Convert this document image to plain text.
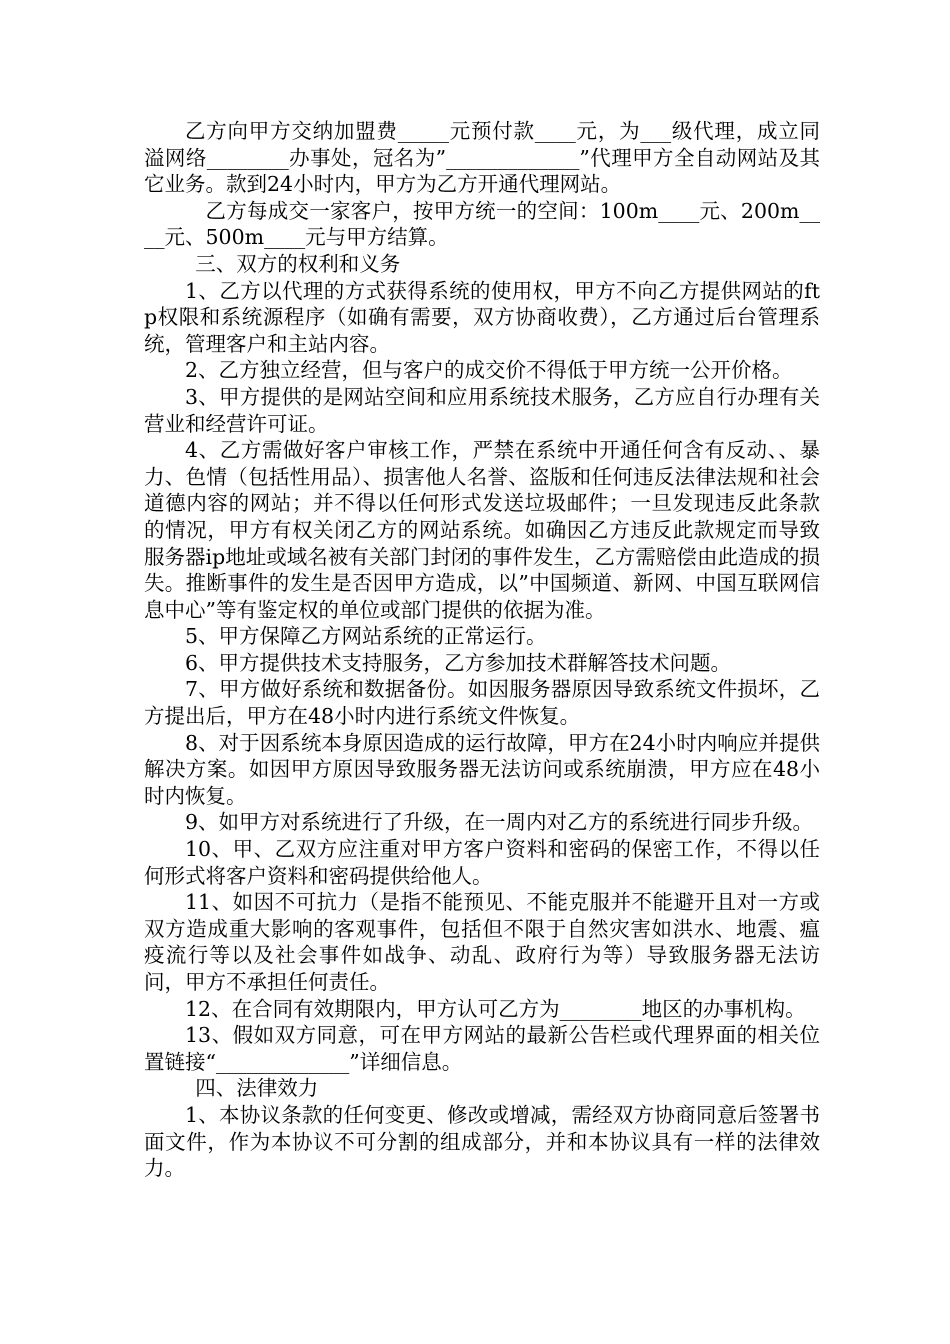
乙方向甲方交纳加盟费_____元预付款____元，为___级代理，成立同溢网络________办事处，冠名为”_____________”代理甲方全自动网站及其它业务。款到24小时内，甲方为乙方开通代理网站。

乙方每成交一家客户，按甲方统一的空间：100m____元、200m____元、500m____元与甲方结算。

三、双方的权利和义务

1、乙方以代理的方式获得系统的使用权，甲方不向乙方提供网站的ftp权限和系统源程序（如确有需要，双方协商收费），乙方通过后台管理系统，管理客户和主站内容。

2、乙方独立经营，但与客户的成交价不得低于甲方统一公开价格。

3、甲方提供的是网站空间和应用系统技术服务，乙方应自行办理有关营业和经营许可证。

4、乙方需做好客户审核工作，严禁在系统中开通任何含有反动、、暴力、色情（包括性用品）、损害他人名誉、盗版和任何违反法律法规和社会道德内容的网站；并不得以任何形式发送垃圾邮件；一旦发现违反此条款的情况，甲方有权关闭乙方的网站系统。如确因乙方违反此款规定而导致服务器ip地址或域名被有关部门封闭的事件发生，乙方需赔偿由此造成的损失。推断事件的发生是否因甲方造成，以”中国频道、新网、中国互联网信息中心”等有鉴定权的单位或部门提供的依据为准。

5、甲方保障乙方网站系统的正常运行。

6、甲方提供技术支持服务，乙方参加技术群解答技术问题。

7、甲方做好系统和数据备份。如因服务器原因导致系统文件损坏，乙方提出后，甲方在48小时内进行系统文件恢复。

8、对于因系统本身原因造成的运行故障，甲方在24小时内响应并提供解决方案。如因甲方原因导致服务器无法访问或系统崩溃，甲方应在48小时内恢复。

9、如甲方对系统进行了升级，在一周内对乙方的系统进行同步升级。

10、甲、乙双方应注重对甲方客户资料和密码的保密工作，不得以任何形式将客户资料和密码提供给他人。

11、如因不可抗力（是指不能预见、不能克服并不能避开且对一方或双方造成重大影响的客观事件，包括但不限于自然灾害如洪水、地震、瘟疫流行等以及社会事件如战争、动乱、政府行为等）导致服务器无法访问，甲方不承担任何责任。

12、在合同有效期限内，甲方认可乙方为________地区的办事机构。

13、假如双方同意，可在甲方网站的最新公告栏或代理界面的相关位置链接“_____________”详细信息。

四、法律效力

1、本协议条款的任何变更、修改或增减，需经双方协商同意后签署书面文件，作为本协议不可分割的组成部分，并和本协议具有一样的法律效力。
